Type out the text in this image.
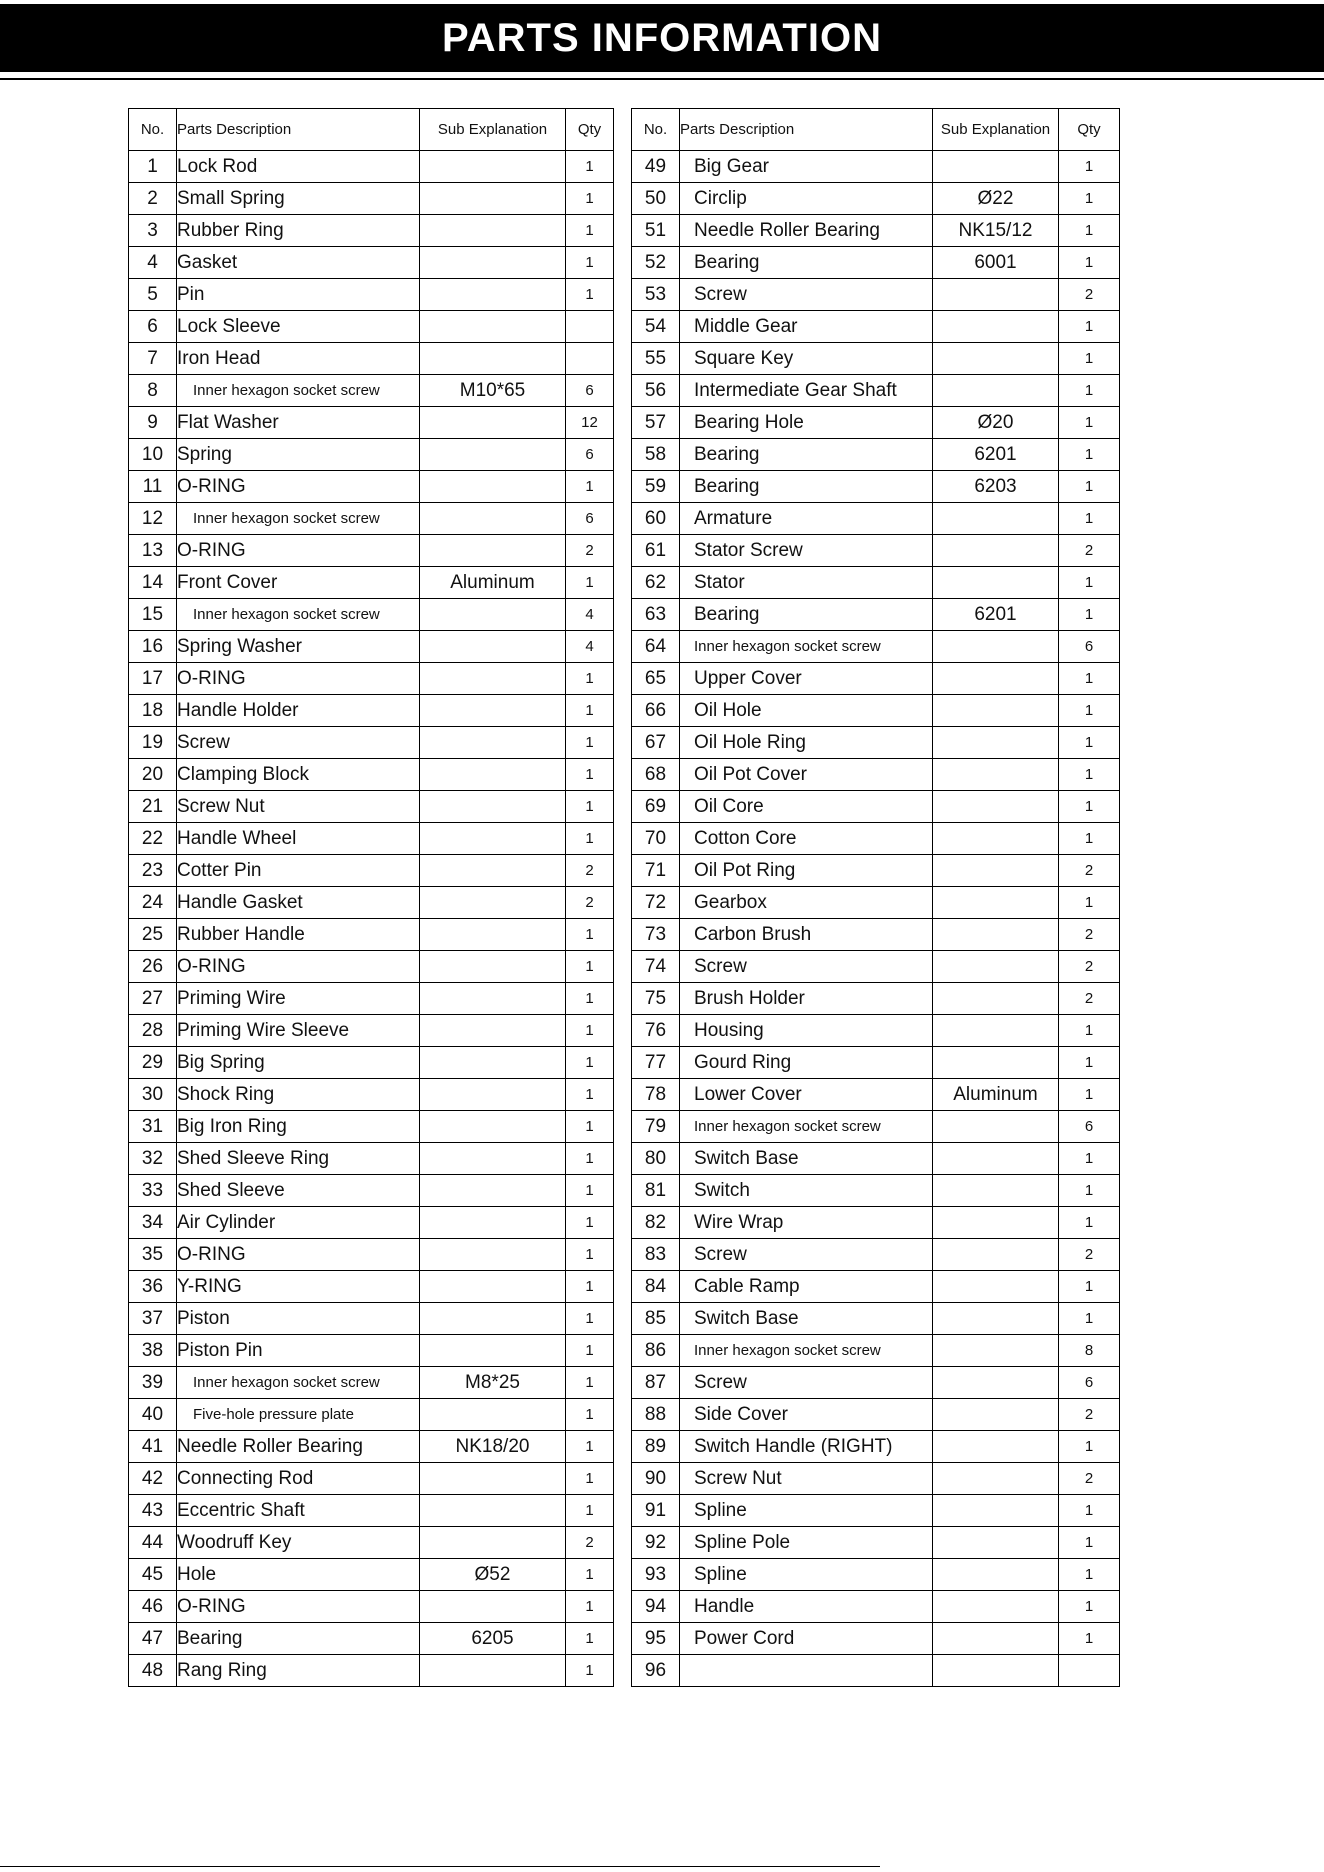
PARTS INFORMATION
No.	Parts Description	Sub Explanation	Qty
1	Lock Rod		1
2	Small Spring		1
3	Rubber Ring		1
4	Gasket		1
5	Pin		1
6	Lock Sleeve		
7	Iron Head		
8	Inner hexagon socket screw	M10*65	6
9	Flat Washer		12
10	Spring		6
11	O-RING		1
12	Inner hexagon socket screw		6
13	O-RING		2
14	Front Cover	Aluminum	1
15	Inner hexagon socket screw		4
16	Spring Washer		4
17	O-RING		1
18	Handle Holder		1
19	Screw		1
20	Clamping Block		1
21	Screw Nut		1
22	Handle Wheel		1
23	Cotter Pin		2
24	Handle Gasket		2
25	Rubber Handle		1
26	O-RING		1
27	Priming Wire		1
28	Priming Wire Sleeve		1
29	Big Spring		1
30	Shock Ring		1
31	Big Iron Ring		1
32	Shed Sleeve Ring		1
33	Shed Sleeve		1
34	Air Cylinder		1
35	O-RING		1
36	Y-RING		1
37	Piston		1
38	Piston Pin		1
39	Inner hexagon socket screw	M8*25	1
40	Five-hole pressure plate		1
41	Needle Roller Bearing	NK18/20	1
42	Connecting Rod		1
43	Eccentric Shaft		1
44	Woodruff Key		2
45	Hole	Ø52	1
46	O-RING		1
47	Bearing	6205	1
48	Rang Ring		1
No.	Parts Description	Sub Explanation	Qty
49	Big Gear		1
50	Circlip	Ø22	1
51	Needle Roller Bearing	NK15/12	1
52	Bearing	6001	1
53	Screw		2
54	Middle Gear		1
55	Square Key		1
56	Intermediate Gear Shaft		1
57	Bearing Hole	Ø20	1
58	Bearing	6201	1
59	Bearing	6203	1
60	Armature		1
61	Stator Screw		2
62	Stator		1
63	Bearing	6201	1
64	Inner hexagon socket screw		6
65	Upper Cover		1
66	Oil Hole		1
67	Oil Hole Ring		1
68	Oil Pot Cover		1
69	Oil Core		1
70	Cotton Core		1
71	Oil Pot Ring		2
72	Gearbox		1
73	Carbon Brush		2
74	Screw		2
75	Brush Holder		2
76	Housing		1
77	Gourd Ring		1
78	Lower Cover	Aluminum	1
79	Inner hexagon socket screw		6
80	Switch Base		1
81	Switch		1
82	Wire Wrap		1
83	Screw		2
84	Cable Ramp		1
85	Switch Base		1
86	Inner hexagon socket screw		8
87	Screw		6
88	Side Cover		2
89	Switch Handle (RIGHT)		1
90	Screw Nut		2
91	Spline		1
92	Spline Pole		1
93	Spline		1
94	Handle		1
95	Power Cord		1
96			
